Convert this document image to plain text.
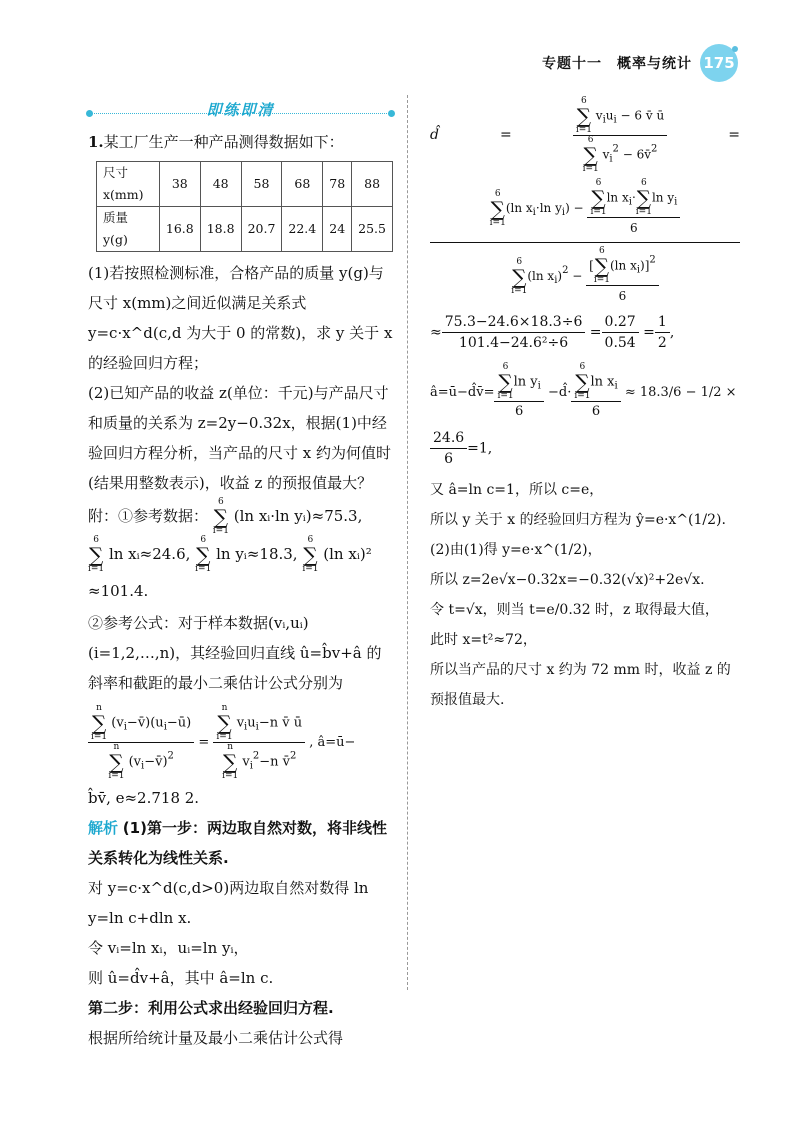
专题十一　概率与统计 175
即练即清

1.某工厂生产一种产品测得数据如下：

尺寸 x(mm)	38	48	58	68	78	88
质量 y(g)	16.8	18.8	20.7	22.4	24	25.5

(1)若按照检测标准，合格产品的质量 y(g)与尺寸 x(mm)之间近似满足关系式 y=c·x^d(c,d 为大于 0 的常数)，求 y 关于 x 的经验回归方程；

(2)已知产品的收益 z(单位：千元)与产品尺寸和质量的关系为 z=2y−0.32x，根据(1)中经验回归方程分析，当产品的尺寸 x 约为何值时(结果用整数表示)，收益 z 的预报值最大？

附：①参考数据： 6
∑
i=1 (ln xᵢ·ln yᵢ)≈75.3,
6
∑
i=1 ln xᵢ≈24.6, 6
∑
i=1 ln yᵢ≈18.3, 6
∑
i=1 (ln xᵢ)²
≈101.4.

②参考公式：对于样本数据(vᵢ,uᵢ)(i=1,2,…,n)，其经验回归直线 û=b̂v+â 的斜率和截距的最小二乘估计公式分别为

n
∑
i=1 $(v_i-v̄)(u_i-ū)$
n
∑
i=1 $(v_i-v̄)^2 = n$
∑
i=1 $v_iu_i-n$ v̄ ū
n
∑
i=1 $v_i^2-n$ v̄$^2$ , â=ū−

b̂v̄, e≈2.718 2.

解析 (1)第一步：两边取自然对数，将非线性关系转化为线性关系.

对 y=c·x^d(c,d>0)两边取自然对数得 ln y=ln c+dln x.

令 vᵢ=ln xᵢ，uᵢ=ln yᵢ，

则 û=d̂v+â，其中 â=ln c.

第二步：利用公式求出经验回归方程.

根据所给统计量及最小二乘估计公式得

d̂	=	6
∑
i=1 $v_iu_i - 6$ v̄ ū
6
∑
i=1 $v_i^2$ − 6v̄$^2$	=
6
∑
i=1(ln $x_i\cdot\ln$ $y_i) - 6$
∑
i=1ln $x_i\cdot 6$
∑
i=1ln $y_i$
6
6
∑
i=1(ln $x_i)^2 - [6$
∑
i=1(ln $x_i)]^2$
6
≈ $\frac{75.3-24.6\times 18.3\div 6}{\text{101.4−24.6²÷6}} = \frac{0.27}{0.54} = \frac{1}{2}$ ,
â=ū−d̂v̄= 6
∑
i=1ln $y_i$
6 −d̂· 6
∑
i=1ln $x_i$
6 ≈ 18.3/6 − 1/2 ×
$\frac{24.6}{6} =1$,

又 â=ln c=1，所以 c=e，

所以 y 关于 x 的经验回归方程为 ŷ=e·x^(1/2).

(2)由(1)得 y=e·x^(1/2)，

所以 z=2e√x−0.32x=−0.32(√x)²+2e√x.

令 t=√x，则当 t=e/0.32 时，z 取得最大值，

此时 x=t²≈72，

所以当产品的尺寸 x 约为 72 mm 时，收益 z 的预报值最大.
